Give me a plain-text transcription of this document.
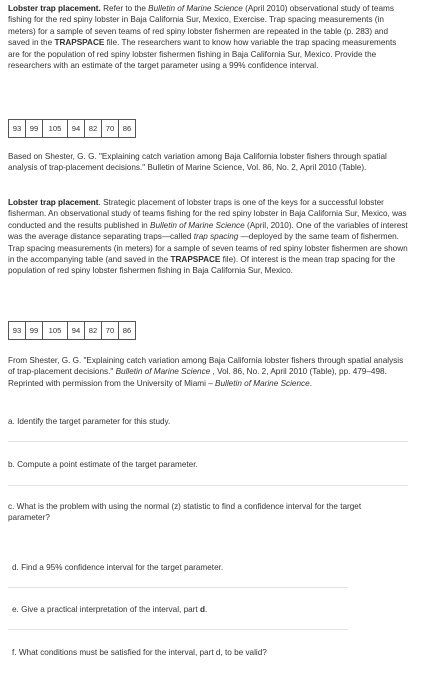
Lobster trap placement. Refer to the Bulletin of Marine Science (April 2010) observational study of teams fishing for the red spiny lobster in Baja California Sur, Mexico, Exercise. Trap spacing measurements (in meters) for a sample of seven teams of red spiny lobster fishermen are repeated in the table (p. 283) and saved in the TRAPSPACE file. The researchers want to know how variable the trap spacing measurements are for the population of red spiny lobster fishermen fishing in Baja California Sur, Mexico. Provide the researchers with an estimate of the target parameter using a 99% confidence interval.

93	99	105	94	82	70	86

Based on Shester, G. G. "Explaining catch variation among Baja California lobster fishers through spatial analysis of trap-placement decisions." Bulletin of Marine Science, Vol. 86, No. 2, April 2010 (Table).

Lobster trap placement. Strategic placement of lobster traps is one of the keys for a successful lobster fisherman. An observational study of teams fishing for the red spiny lobster in Baja California Sur, Mexico, was conducted and the results published in Bulletin of Marine Science (April, 2010). One of the variables of interest was the average distance separating traps—called trap spacing —deployed by the same team of fishermen. Trap spacing measurements (in meters) for a sample of seven teams of red spiny lobster fishermen are shown in the accompanying table (and saved in the TRAPSPACE file). Of interest is the mean trap spacing for the population of red spiny lobster fishermen fishing in Baja California Sur, Mexico.

93	99	105	94	82	70	86

From Shester, G. G. "Explaining catch variation among Baja California lobster fishers through spatial analysis of trap-placement decisions." Bulletin of Marine Science , Vol. 86, No. 2, April 2010 (Table), pp. 479–498. Reprinted with permission from the University of Miami – Bulletin of Marine Science.

a. Identify the target parameter for this study.

b. Compute a point estimate of the target parameter.

c. What is the problem with using the normal (z) statistic to find a confidence interval for the target parameter?

d. Find a 95% confidence interval for the target parameter.

e. Give a practical interpretation of the interval, part d.

f. What conditions must be satisfied for the interval, part d, to be valid?
